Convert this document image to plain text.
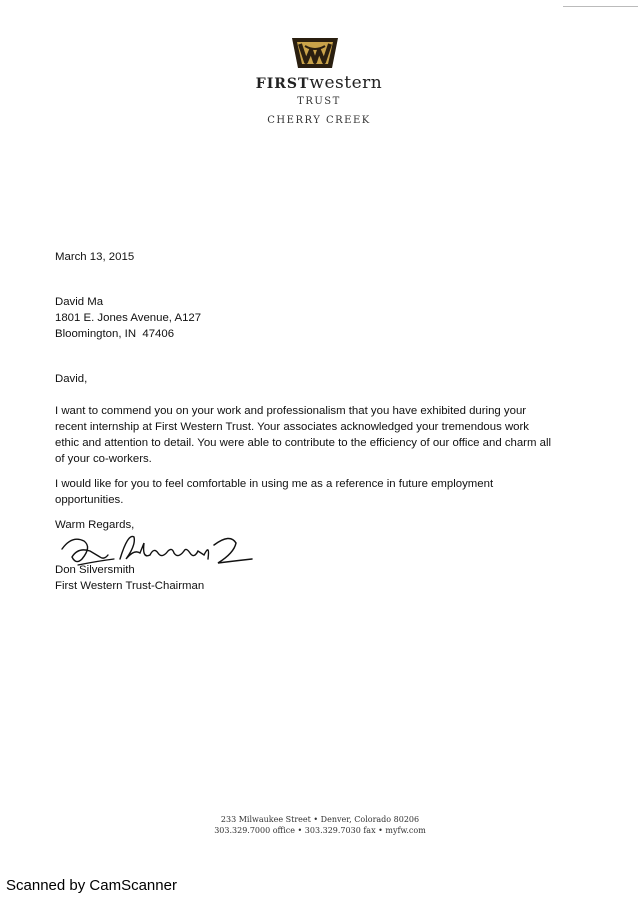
FIRSTwestern
TRUST
CHERRY CREEK
March 13, 2015
David Ma
1801 E. Jones Avenue, A127
Bloomington, IN  47406
David,
I want to commend you on your work and professionalism that you have exhibited during your recent internship at First Western Trust. Your associates acknowledged your tremendous work ethic and attention to detail. You were able to contribute to the efficiency of our office and charm all of your co-workers.
I would like for you to feel comfortable in using me as a reference in future employment opportunities.
Warm Regards,
Don Silversmith
First Western Trust-Chairman
233 Milwaukee Street • Denver, Colorado 80206
303.329.7000 office • 303.329.7030 fax • myfw.com
Scanned by CamScanner
